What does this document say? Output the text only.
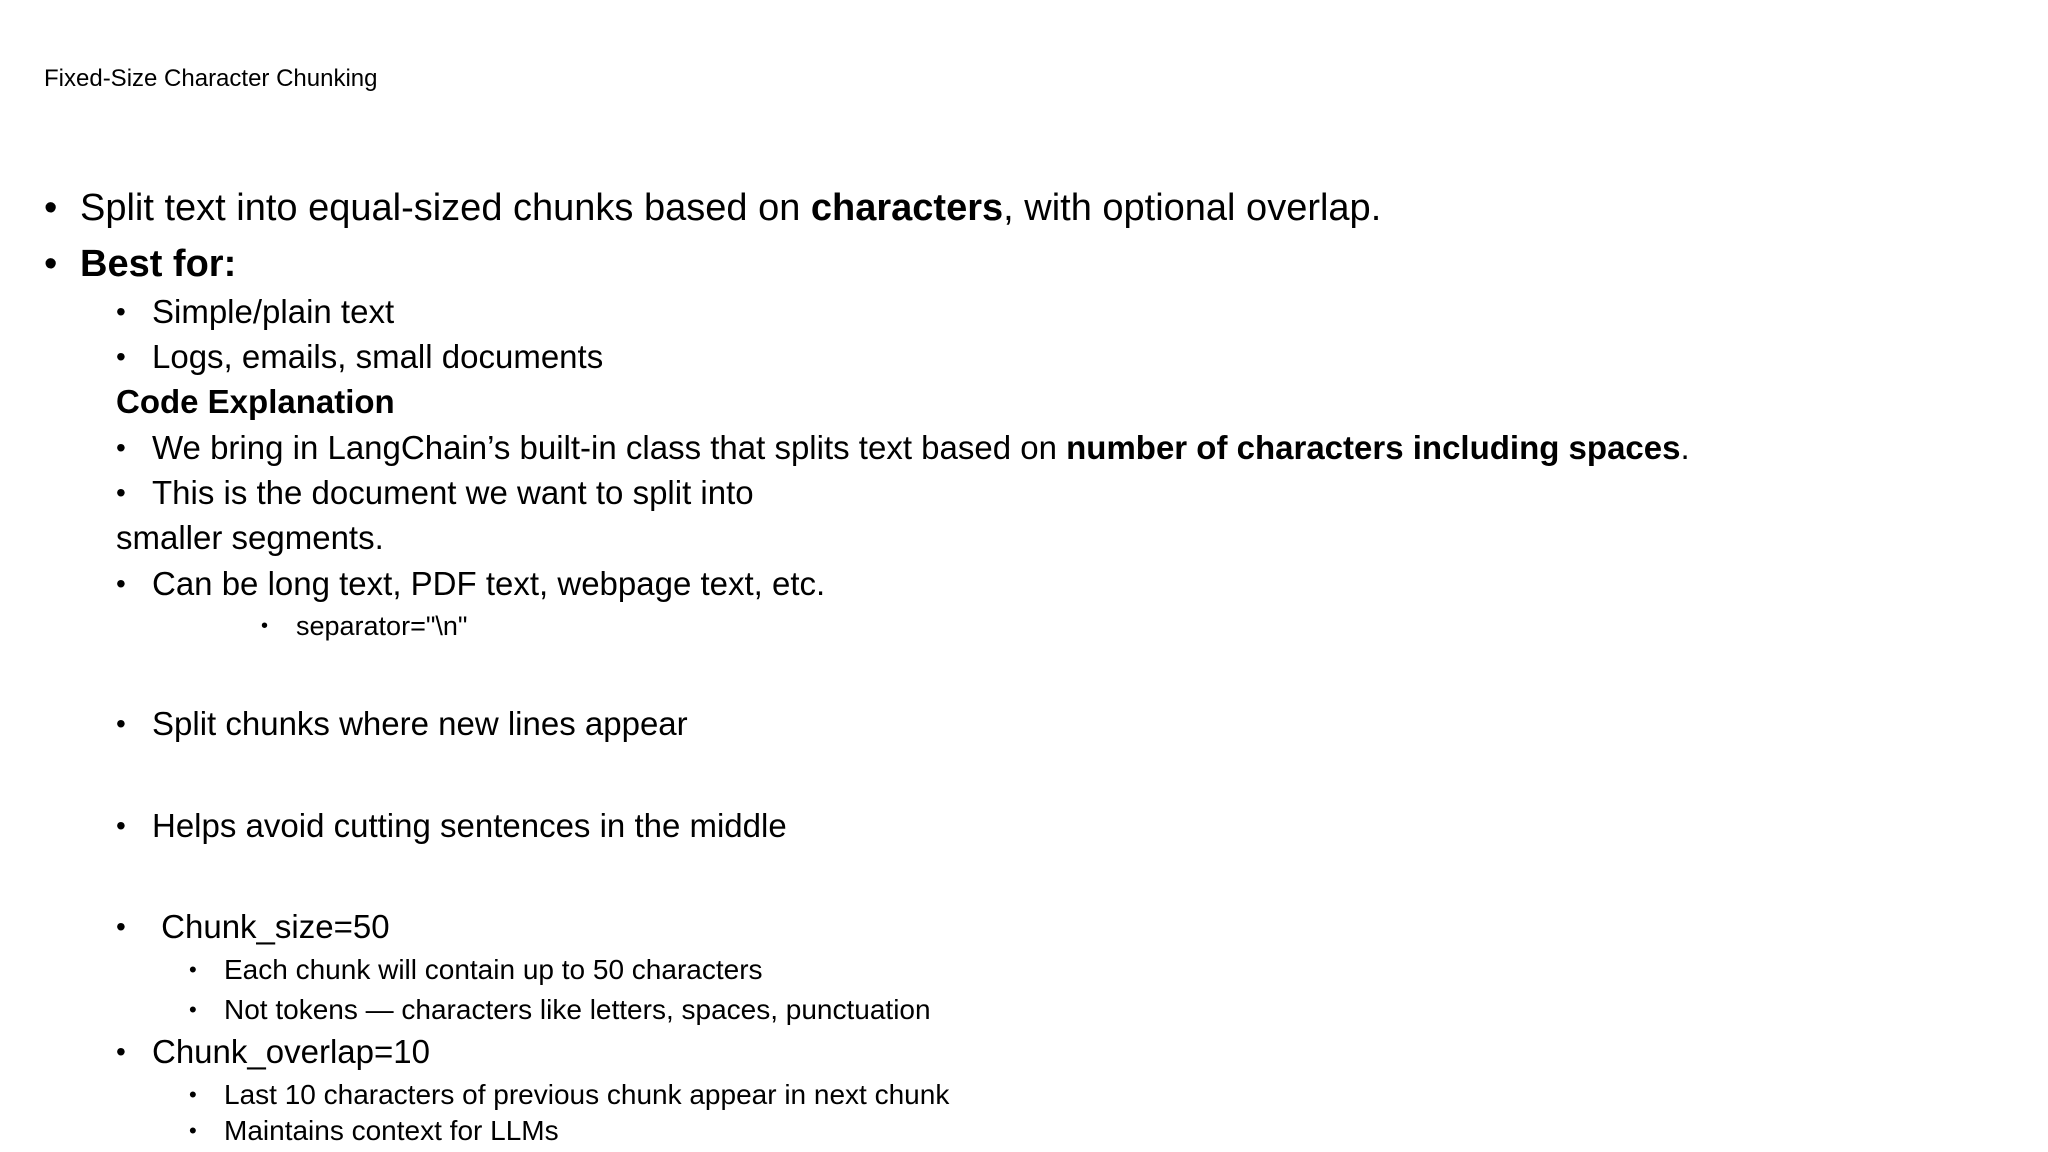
Fixed-Size Character Chunking
• Split text into equal-sized chunks based on characters, with optional overlap.
• Best for:
• Simple/plain text
• Logs, emails, small documents
Code Explanation
• We bring in LangChain’s built-in class that splits text based on number of characters including spaces.
• This is the document we want to split into
smaller segments.
• Can be long text, PDF text, webpage text, etc.
• separator="\n"
• Split chunks where new lines appear
• Helps avoid cutting sentences in the middle
• Chunk_size=50
• Each chunk will contain up to 50 characters
• Not tokens — characters like letters, spaces, punctuation
• Chunk_overlap=10
• Last 10 characters of previous chunk appear in next chunk
• Maintains context for LLMs
